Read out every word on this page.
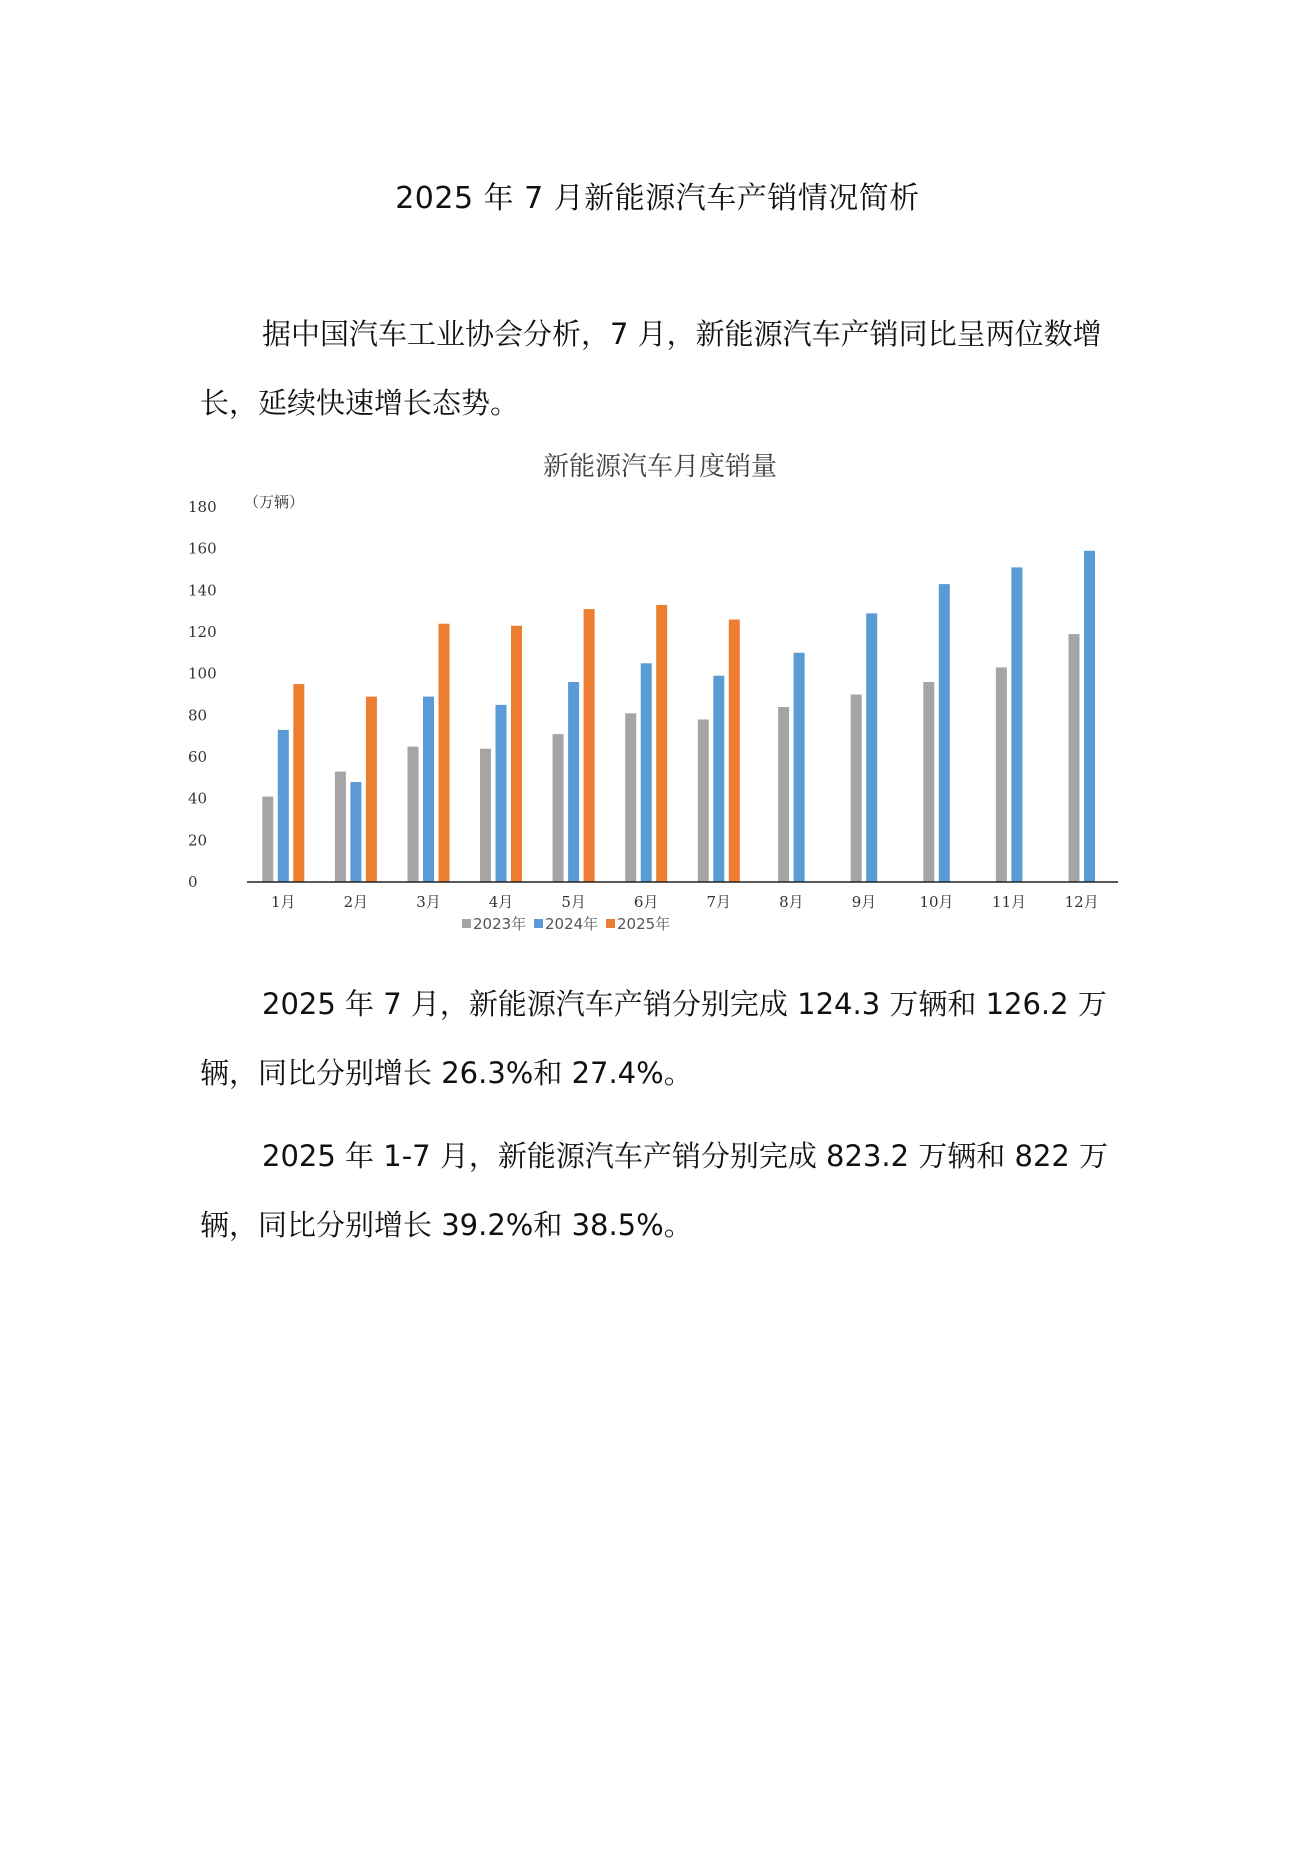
2025 年 7 月新能源汽车产销情况简析

据中国汽车工业协会分析，7 月，新能源汽车产销同比呈两位数增长，延续快速增长态势。

新能源汽车月度销量
（万辆）
0
20
40
60
80
100
120
140
160
180
1月	2月	3月	4月	5月	6月	7月	8月	9月	10月	11月	12月
2023年 2024年 2025年

2025 年 7 月，新能源汽车产销分别完成 124.3 万辆和 126.2 万辆，同比分别增长 26.3%和 27.4%。

2025 年 1-7 月，新能源汽车产销分别完成 823.2 万辆和 822 万辆，同比分别增长 39.2%和 38.5%。
